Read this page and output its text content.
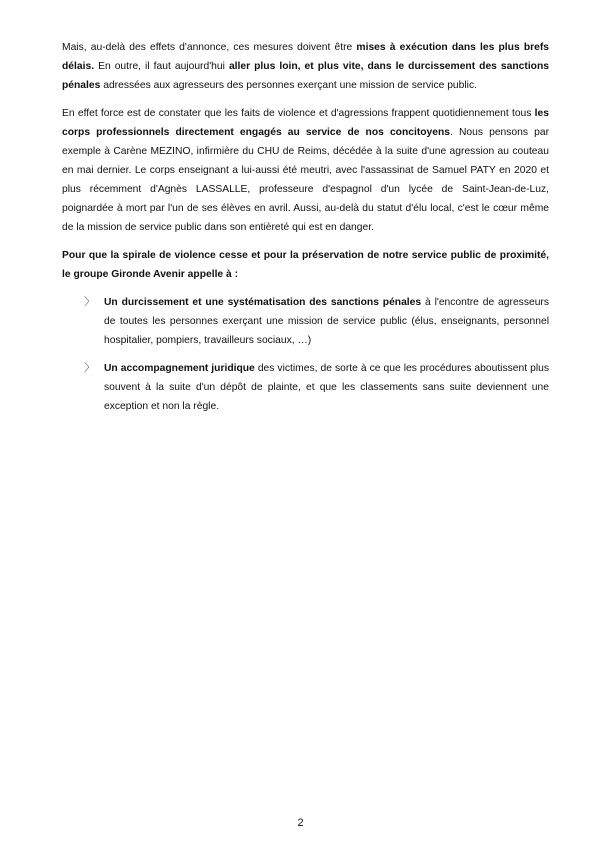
Mais, au-delà des effets d'annonce, ces mesures doivent être mises à exécution dans les plus brefs délais. En outre, il faut aujourd'hui aller plus loin, et plus vite, dans le durcissement des sanctions pénales adressées aux agresseurs des personnes exerçant une mission de service public.

En effet force est de constater que les faits de violence et d'agressions frappent quotidiennement tous les corps professionnels directement engagés au service de nos concitoyens. Nous pensons par exemple à Carène MEZINO, infirmière du CHU de Reims, décédée à la suite d'une agression au couteau en mai dernier. Le corps enseignant a lui-aussi été meutri, avec l'assassinat de Samuel PATY en 2020 et plus récemment d'Agnès LASSALLE, professeure d'espagnol d'un lycée de Saint-Jean-de-Luz, poignardée à mort par l'un de ses élèves en avril. Aussi, au-delà du statut d'élu local, c'est le cœur même de la mission de service public dans son entièreté qui est en danger.

Pour que la spirale de violence cesse et pour la préservation de notre service public de proximité, le groupe Gironde Avenir appelle à :

〉 Un durcissement et une systématisation des sanctions pénales à l'encontre de agresseurs de toutes les personnes exerçant une mission de service public (élus, enseignants, personnel hospitalier, pompiers, travailleurs sociaux, …)
〉 Un accompagnement juridique des victimes, de sorte à ce que les procédures aboutissent plus souvent à la suite d'un dépôt de plainte, et que les classements sans suite deviennent une exception et non la règle.
2
